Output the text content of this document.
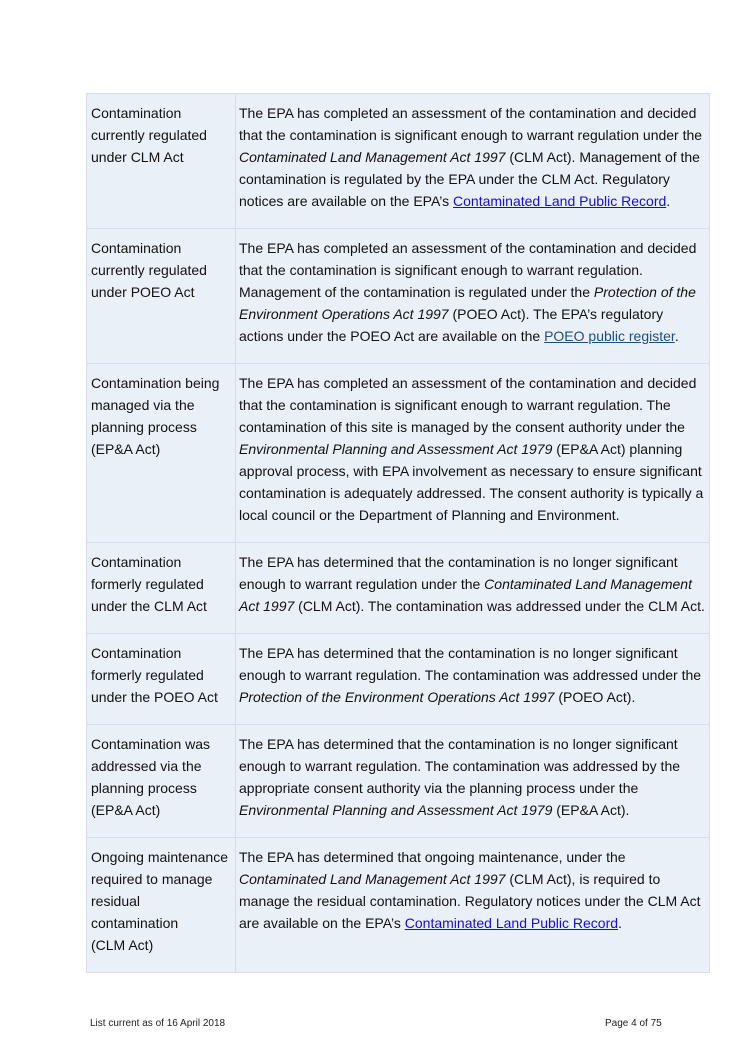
Contamination
currently regulated
under CLM Act
The EPA has completed an assessment of the contamination and decided that the contamination is significant enough to warrant regulation under the Contaminated Land Management Act 1997 (CLM Act). Management of the contamination is regulated by the EPA under the CLM Act. Regulatory notices are available on the EPA’s Contaminated Land Public Record.
Contamination
currently regulated
under POEO Act
The EPA has completed an assessment of the contamination and decided that the contamination is significant enough to warrant regulation. Management of the contamination is regulated under the Protection of the Environment Operations Act 1997 (POEO Act). The EPA’s regulatory actions under the POEO Act are available on the POEO public register.
Contamination being
managed via the
planning process
(EP&A Act)
The EPA has completed an assessment of the contamination and decided that the contamination is significant enough to warrant regulation. The contamination of this site is managed by the consent authority under the Environmental Planning and Assessment Act 1979 (EP&A Act) planning approval process, with EPA involvement as necessary to ensure significant contamination is adequately addressed. The consent authority is typically a local council or the Department of Planning and Environment.
Contamination
formerly regulated
under the CLM Act
The EPA has determined that the contamination is no longer significant enough to warrant regulation under the Contaminated Land Management Act 1997 (CLM Act). The contamination was addressed under the CLM Act.
Contamination
formerly regulated
under the POEO Act
The EPA has determined that the contamination is no longer significant enough to warrant regulation. The contamination was addressed under the Protection of the Environment Operations Act 1997 (POEO Act).
Contamination was
addressed via the
planning process
(EP&A Act)
The EPA has determined that the contamination is no longer significant enough to warrant regulation. The contamination was addressed by the appropriate consent authority via the planning process under the Environmental Planning and Assessment Act 1979 (EP&A Act).
Ongoing maintenance
required to manage
residual contamination
(CLM Act)
The EPA has determined that ongoing maintenance, under the Contaminated Land Management Act 1997 (CLM Act), is required to manage the residual contamination. Regulatory notices under the CLM Act are available on the EPA’s Contaminated Land Public Record.
List current as of 16 April 2018	Page 4 of 75
